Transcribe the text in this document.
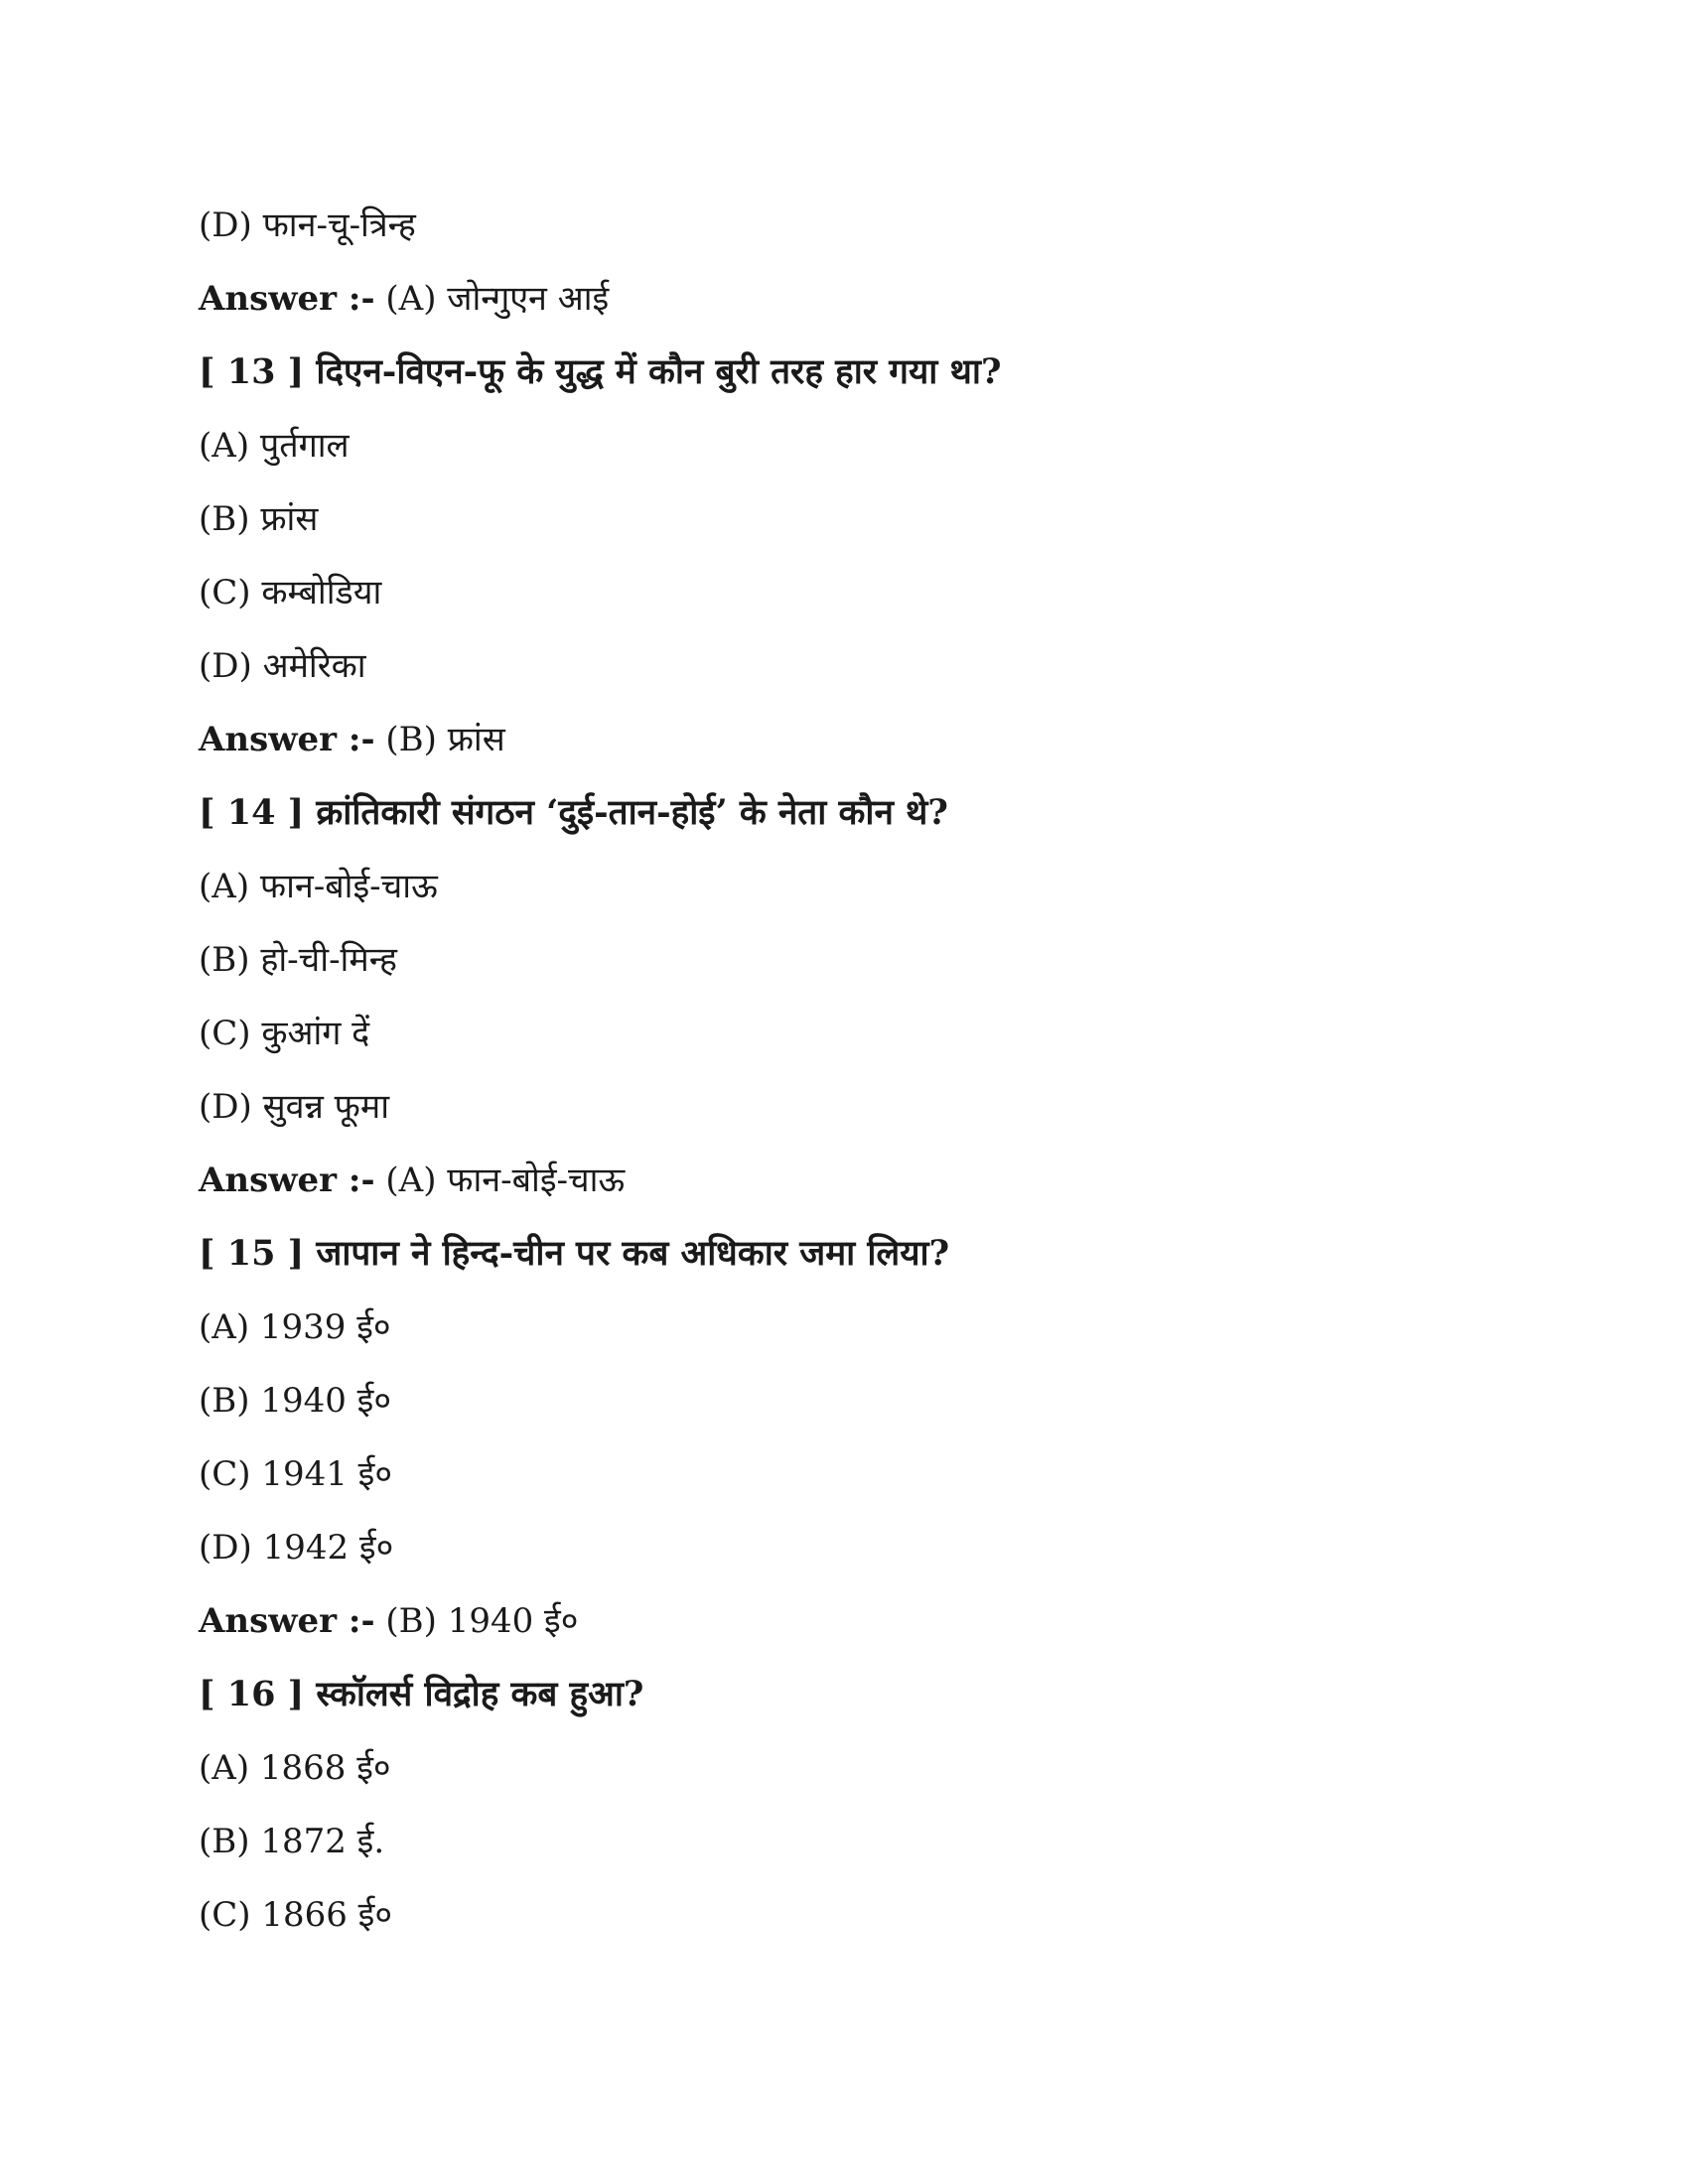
(D) फान-चू-त्रिन्ह
Answer :- (A) जोन्गुएन आई
[ 13 ] दिएन-विएन-फू के युद्ध में कौन बुरी तरह हार गया था?
(A) पुर्तगाल
(B) फ्रांस
(C) कम्बोडिया
(D) अमेरिका
Answer :- (B) फ्रांस
[ 14 ] क्रांतिकारी संगठन ‘दुई-तान-होई’ के नेता कौन थे?
(A) फान-बोई-चाऊ
(B) हो-ची-मिन्ह
(C) कुआंग दें
(D) सुवन्न फूमा
Answer :- (A) फान-बोई-चाऊ
[ 15 ] जापान ने हिन्द-चीन पर कब अधिकार जमा लिया?
(A) 1939 ई०
(B) 1940 ई०
(C) 1941 ई०
(D) 1942 ई०
Answer :- (B) 1940 ई०
[ 16 ] स्कॉलर्स विद्रोह कब हुआ?
(A) 1868 ई०
(B) 1872 ई.
(C) 1866 ई०
